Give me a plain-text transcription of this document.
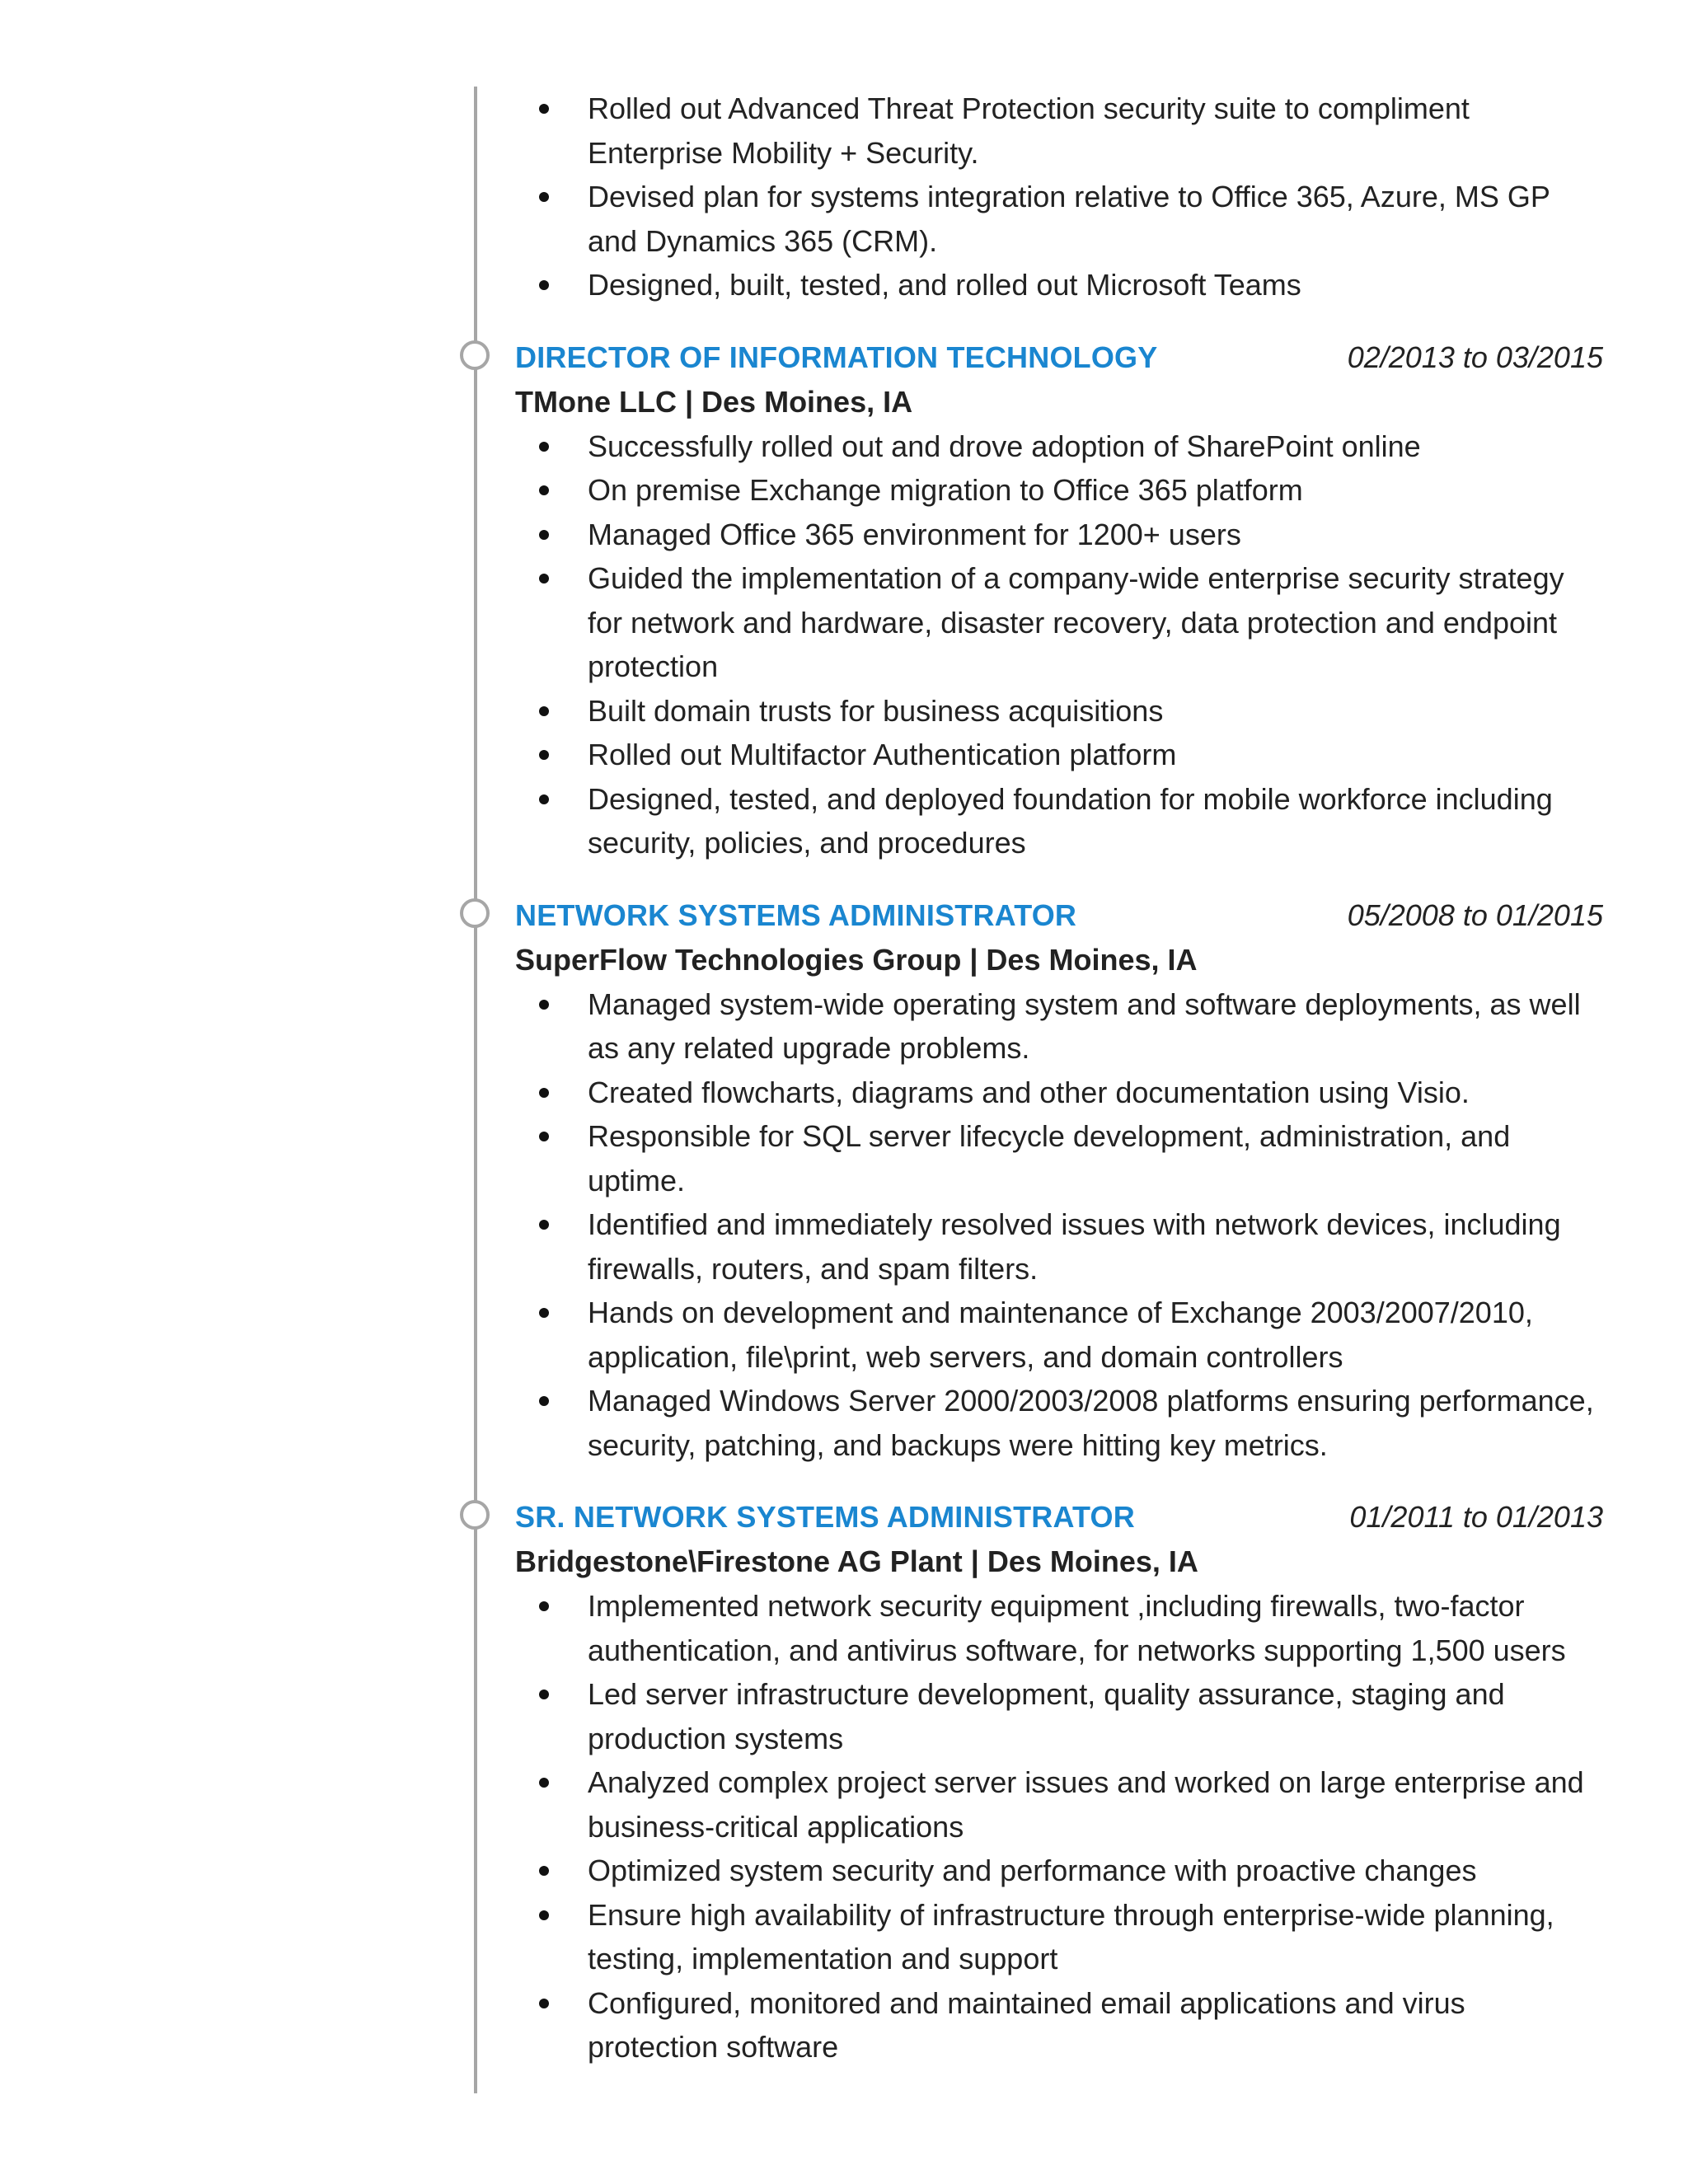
Rolled out Advanced Threat Protection security suite to compliment Enterprise Mobility + Security.
Devised plan for systems integration relative to Office 365, Azure, MS GP and Dynamics 365 (CRM).
Designed, built, tested, and rolled out Microsoft Teams
DIRECTOR OF INFORMATION TECHNOLOGY	02/2013 to 03/2015
TMone LLC | Des Moines, IA
Successfully rolled out and drove adoption of SharePoint online
On premise Exchange migration to Office 365 platform
Managed Office 365 environment for 1200+ users
Guided the implementation of a company-wide enterprise security strategy for network and hardware, disaster recovery, data protection and endpoint protection
Built domain trusts for business acquisitions
Rolled out Multifactor Authentication platform
Designed, tested, and deployed foundation for mobile workforce including security, policies, and procedures
NETWORK SYSTEMS ADMINISTRATOR	05/2008 to 01/2015
SuperFlow Technologies Group | Des Moines, IA
Managed system-wide operating system and software deployments, as well as any related upgrade problems.
Created flowcharts, diagrams and other documentation using Visio.
Responsible for SQL server lifecycle development, administration, and uptime.
Identified and immediately resolved issues with network devices, including firewalls, routers, and spam filters.
Hands on development and maintenance of Exchange 2003/2007/2010, application, file\print, web servers, and domain controllers
Managed Windows Server 2000/2003/2008 platforms ensuring performance, security, patching, and backups were hitting key metrics.
SR. NETWORK SYSTEMS ADMINISTRATOR	01/2011 to 01/2013
Bridgestone\Firestone AG Plant | Des Moines, IA
Implemented network security equipment ,including firewalls, two-factor authentication, and antivirus software, for networks supporting 1,500 users
Led server infrastructure development, quality assurance, staging and production systems
Analyzed complex project server issues and worked on large enterprise and business-critical applications
Optimized system security and performance with proactive changes
Ensure high availability of infrastructure through enterprise-wide planning, testing, implementation and support
Configured, monitored and maintained email applications and virus protection software
